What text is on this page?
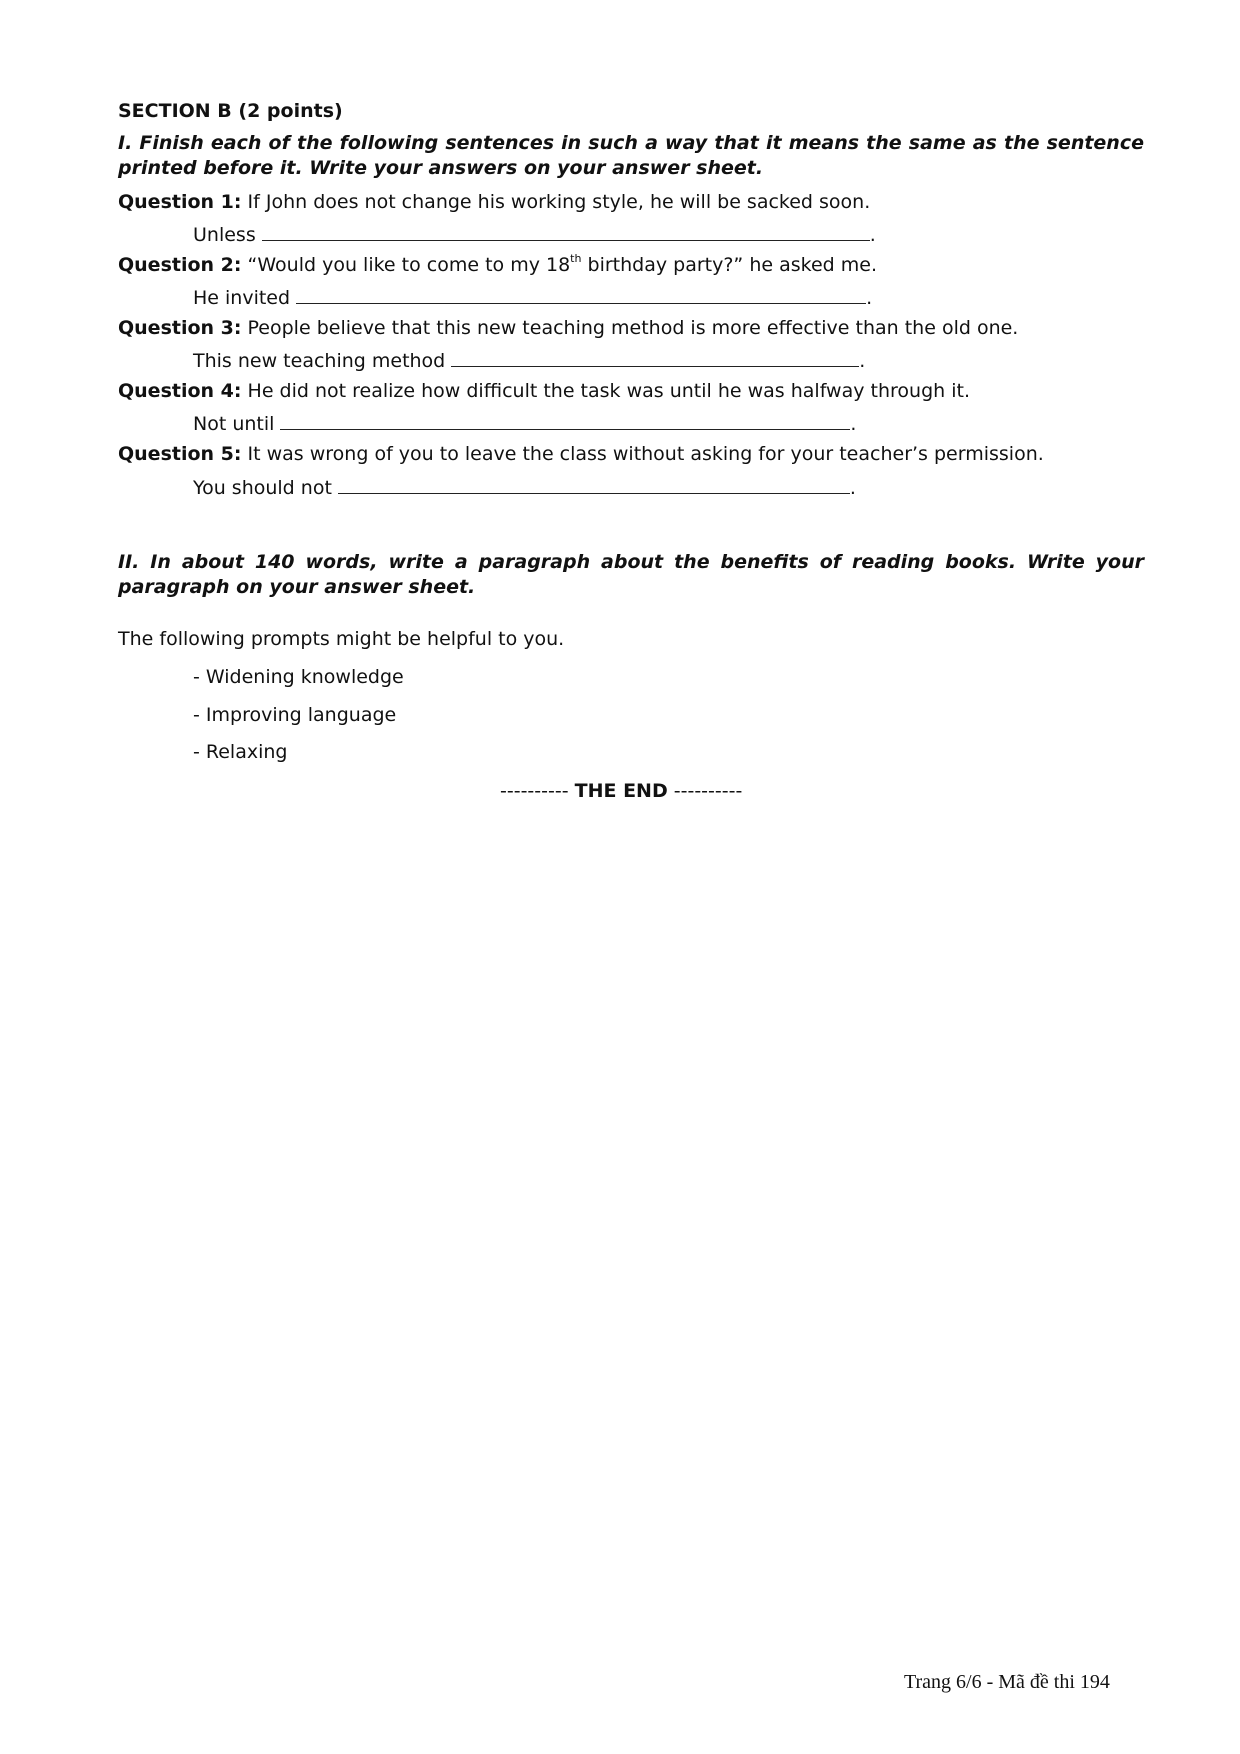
SECTION B (2 points)
I. Finish each of the following sentences in such a way that it means the same as the sentence
printed before it. Write your answers on your answer sheet.
Question 1: If John does not change his working style, he will be sacked soon.
Unless	.
Question 2: “Would you like to come to my 18th birthday party?” he asked me.
He invited	.
Question 3: People believe that this new teaching method is more effective than the old one.
This new teaching method	.
Question 4: He did not realize how difficult the task was until he was halfway through it.
Not until	.
Question 5: It was wrong of you to leave the class without asking for your teacher’s permission.
You should not	.
II. In about 140 words, write a paragraph about the benefits of reading books. Write your
paragraph on your answer sheet.
The following prompts might be helpful to you.
- Widening knowledge
- Improving language
- Relaxing
---------- THE END ----------
Trang 6/6 - Mã đề thi 194
